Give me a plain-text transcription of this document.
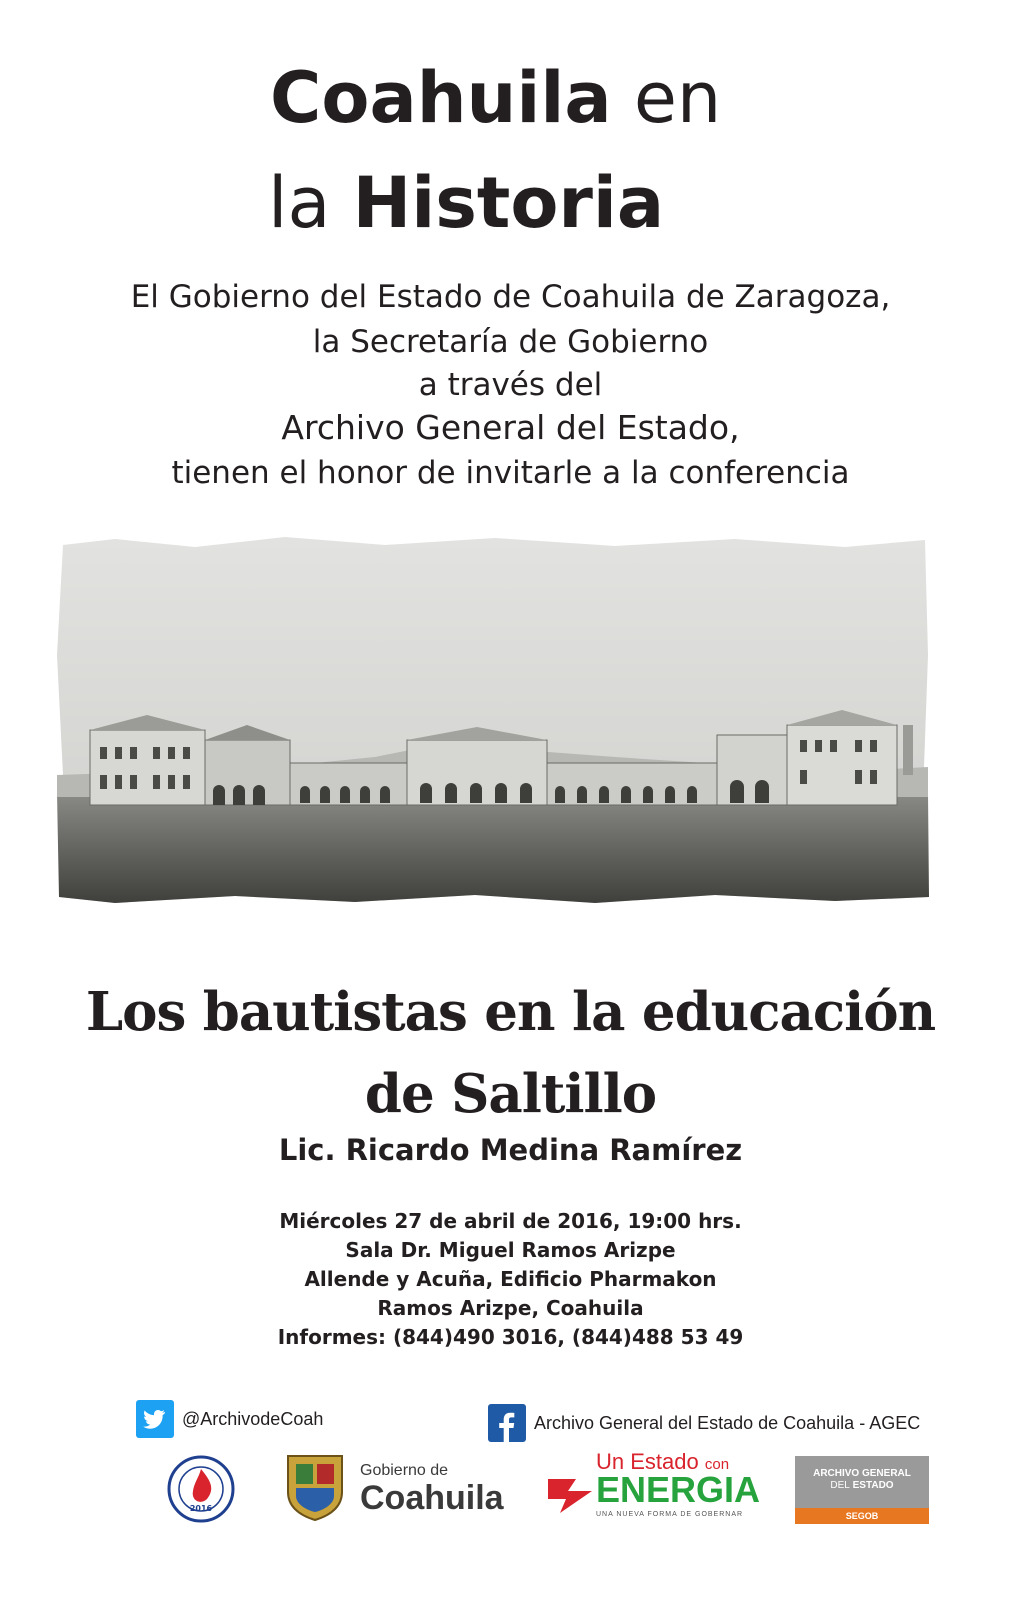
Coahuila en
la Historia
El Gobierno del Estado de Coahuila de Zaragoza,
la Secretaría de Gobierno
a través del
Archivo General del Estado,
tienen el honor de invitarle a la conferencia
Los bautistas en la educación
de Saltillo
Lic. Ricardo Medina Ramírez
Miércoles 27 de abril de 2016, 19:00 hrs.
Sala Dr. Miguel Ramos Arizpe
Allende y Acuña, Edificio Pharmakon
Ramos Arizpe, Coahuila
Informes: (844)490 3016, (844)488 53 49
@ArchivodeCoah	Archivo General del Estado de Coahuila - AGEC
2016
Gobierno de
Coahuila
Un Estado con
ENERGIA
UNA NUEVA FORMA DE GOBERNAR
ARCHIVO GENERAL
DEL ESTADO
SEGOB
